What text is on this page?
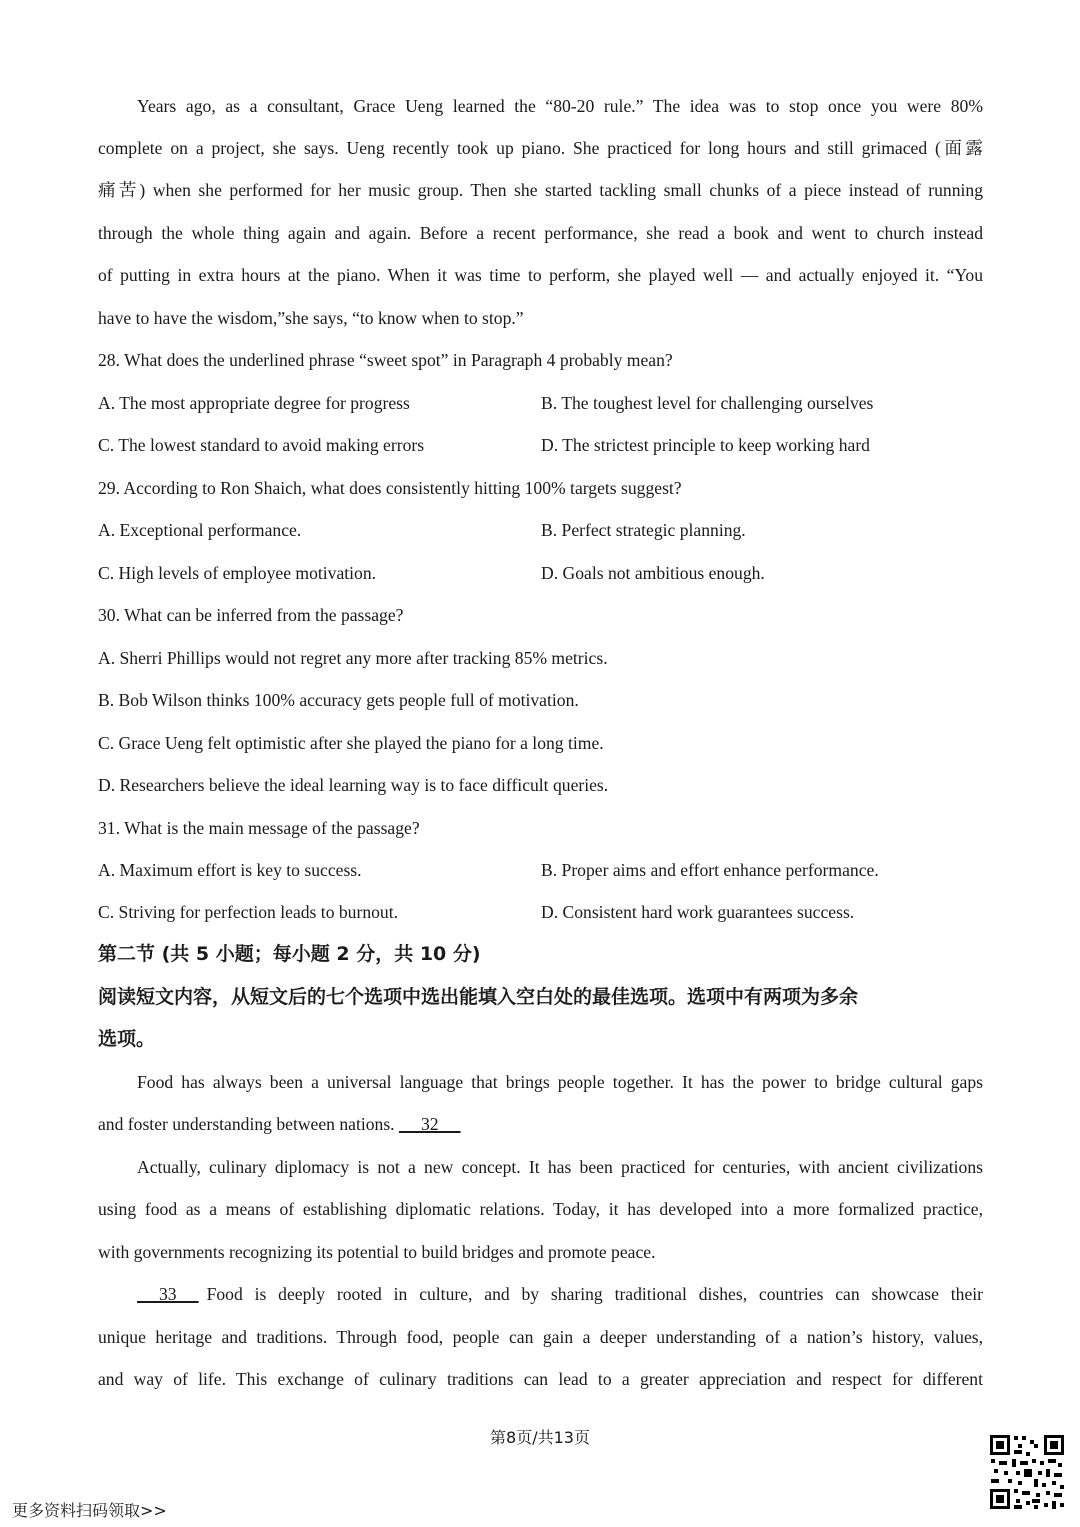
Years ago, as a consultant, Grace Ueng learned the “80-20 rule.” The idea was to stop once you were 80%
complete on a project, she says. Ueng recently took up piano. She practiced for long hours and still grimaced (面露
痛苦) when she performed for her music group. Then she started tackling small chunks of a piece instead of running
through the whole thing again and again. Before a recent performance, she read a book and went to church instead
of putting in extra hours at the piano. When it was time to perform, she played well — and actually enjoyed it. “You
have to have the wisdom,”she says, “to know when to stop.”
28. What does the underlined phrase “sweet spot” in Paragraph 4 probably mean?
A. The most appropriate degree for progress	B. The toughest level for challenging ourselves
C. The lowest standard to avoid making errors	D. The strictest principle to keep working hard
29. According to Ron Shaich, what does consistently hitting 100% targets suggest?
A. Exceptional performance.	B. Perfect strategic planning.
C. High levels of employee motivation.	D. Goals not ambitious enough.
30. What can be inferred from the passage?
A. Sherri Phillips would not regret any more after tracking 85% metrics.
B. Bob Wilson thinks 100% accuracy gets people full of motivation.
C. Grace Ueng felt optimistic after she played the piano for a long time.
D. Researchers believe the ideal learning way is to face difficult queries.
31. What is the main message of the passage?
A. Maximum effort is key to success.	B. Proper aims and effort enhance performance.
C. Striving for perfection leads to burnout.	D. Consistent hard work guarantees success.
第二节 (共 5 小题；每小题 2 分，共 10 分)
阅读短文内容，从短文后的七个选项中选出能填入空白处的最佳选项。选项中有两项为多余
选项。
Food has always been a universal language that brings people together. It has the power to bridge cultural gaps
and foster understanding between nations.      32
Actually, culinary diplomacy is not a new concept. It has been practiced for centuries, with ancient civilizations
using food as a means of establishing diplomatic relations. Today, it has developed into a more formalized practice,
with governments recognizing its potential to build bridges and promote peace.
33 Food is deeply rooted in culture, and by sharing traditional dishes, countries can showcase their
unique heritage and traditions. Through food, people can gain a deeper understanding of a nation’s history, values,
and way of life. This exchange of culinary traditions can lead to a greater appreciation and respect for different
第8页/共13页
更多资料扫码领取>>
